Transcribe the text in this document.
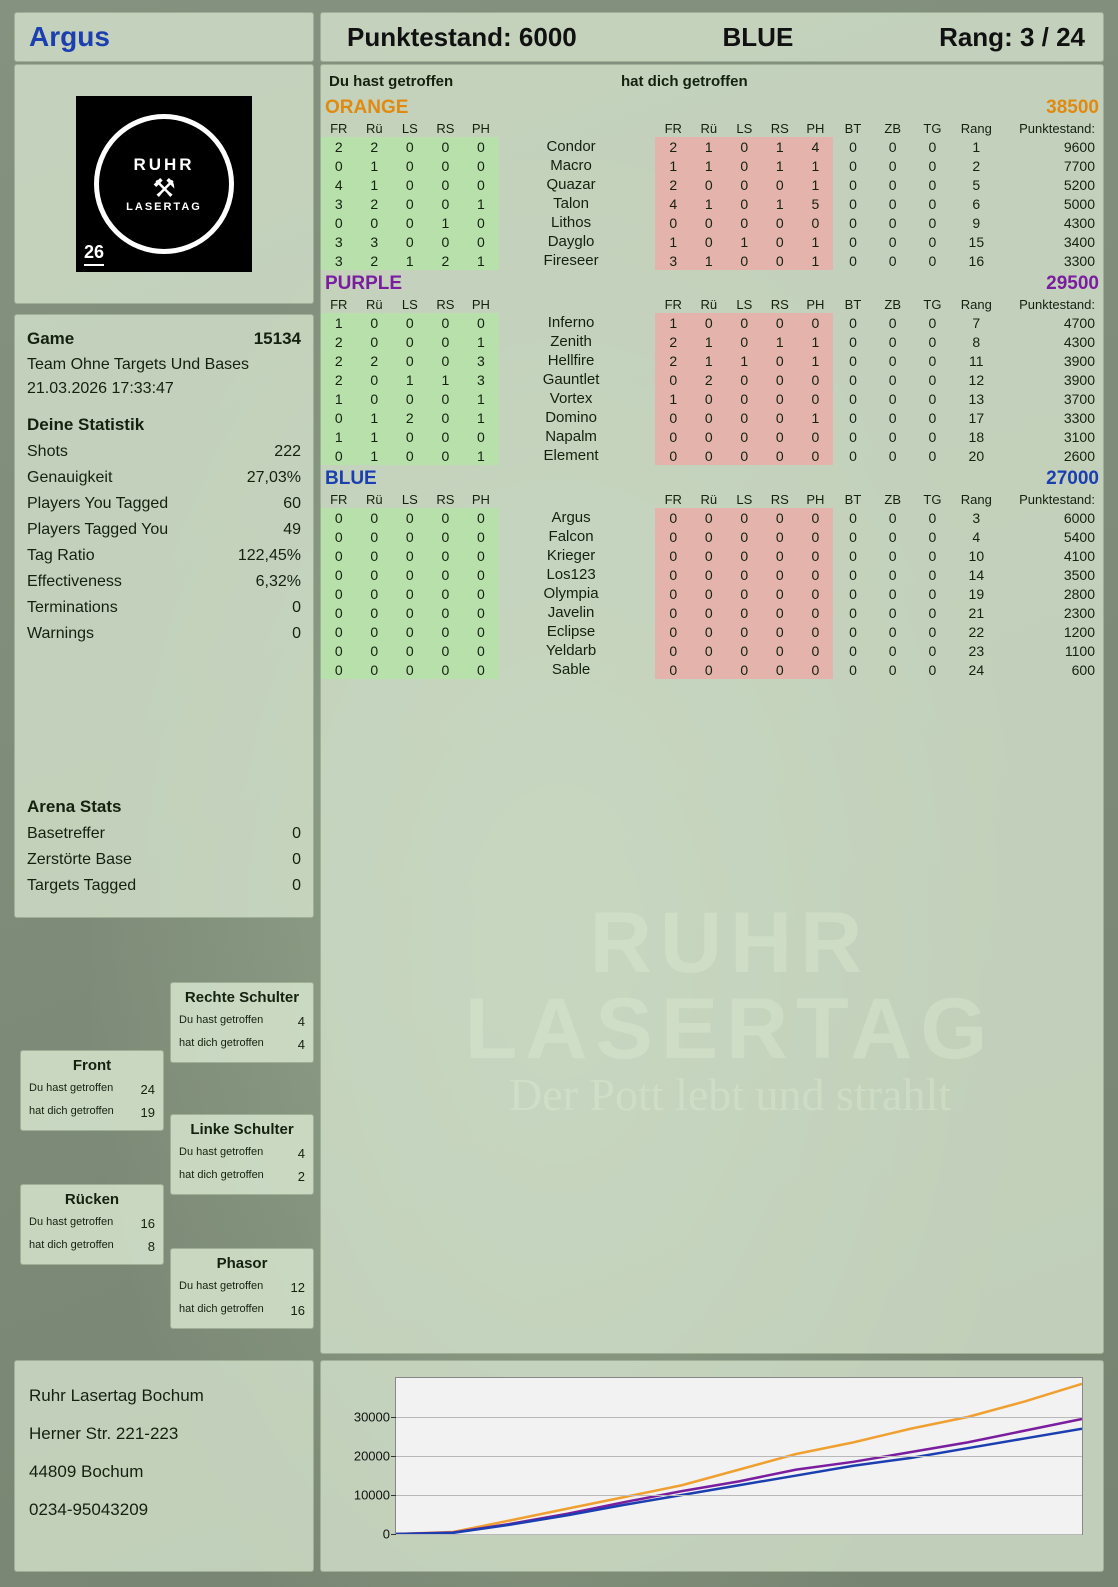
Argus	Punktestand: 6000	BLUE	Rang: 3 / 24
RUHR
⚒
LASERTAG
26
Game	15134
Team Ohne Targets Und Bases
21.03.2026 17:33:47
Deine Statistik
Shots	222
Genauigkeit	27,03%
Players You Tagged	60
Players Tagged You	49
Tag Ratio	122,45%
Effectiveness	6,32%
Terminations	0
Warnings	0
Arena Stats
Basetreffer	0
Zerstörte Base	0
Targets Tagged	0
Rechte Schulter
Du hast getroffen	4
hat dich getroffen	4
Front
Du hast getroffen 24
hat dich getroffen 19
Linke Schulter
Du hast getroffen	4
hat dich getroffen	2
Rücken
Du hast getroffen 16
hat dich getroffen	8
Phasor
Du hast getroffen 12
hat dich getroffen 16
Ruhr Lasertag Bochum
Herner Str. 221-223
44809 Bochum
0234-95043209
Du hast getroffen	hat dich getroffen
ORANGE	38500
FR	Rü	LS	RS	PH		FR	Rü	LS	RS	PH	BT	ZB	TG	Rang	Punktestand:
2	2	0	0	0	Condor	2	1	0	1	4	0	0	0	1	9600
0	1	0	0	0	Macro	1	1	0	1	1	0	0	0	2	7700
4	1	0	0	0	Quazar	2	0	0	0	1	0	0	0	5	5200
3	2	0	0	1	Talon	4	1	0	1	5	0	0	0	6	5000
0	0	0	1	0	Lithos	0	0	0	0	0	0	0	0	9	4300
3	3	0	0	0	Dayglo	1	0	1	0	1	0	0	0	15	3400
3	2	1	2	1	Fireseer	3	1	0	0	1	0	0	0	16	3300
PURPLE	29500
FR	Rü	LS	RS	PH		FR	Rü	LS	RS	PH	BT	ZB	TG	Rang	Punktestand:
1	0	0	0	0	Inferno	1	0	0	0	0	0	0	0	7	4700
2	0	0	0	1	Zenith	2	1	0	1	1	0	0	0	8	4300
2	2	0	0	3	Hellfire	2	1	1	0	1	0	0	0	11	3900
2	0	1	1	3	Gauntlet	0	2	0	0	0	0	0	0	12	3900
1	0	0	0	1	Vortex	1	0	0	0	0	0	0	0	13	3700
0	1	2	0	1	Domino	0	0	0	0	1	0	0	0	17	3300
1	1	0	0	0	Napalm	0	0	0	0	0	0	0	0	18	3100
0	1	0	0	1	Element	0	0	0	0	0	0	0	0	20	2600
BLUE	27000
FR	Rü	LS	RS	PH		FR	Rü	LS	RS	PH	BT	ZB	TG	Rang	Punktestand:
0	0	0	0	0	Argus	0	0	0	0	0	0	0	0	3	6000
0	0	0	0	0	Falcon	0	0	0	0	0	0	0	0	4	5400
0	0	0	0	0	Krieger	0	0	0	0	0	0	0	0	10	4100
0	0	0	0	0	Los123	0	0	0	0	0	0	0	0	14	3500
0	0	0	0	0	Olympia	0	0	0	0	0	0	0	0	19	2800
0	0	0	0	0	Javelin	0	0	0	0	0	0	0	0	21	2300
0	0	0	0	0	Eclipse	0	0	0	0	0	0	0	0	22	1200
0	0	0	0	0	Yeldarb	0	0	0	0	0	0	0	0	23	1100
0	0	0	0	0	Sable	0	0	0	0	0	0	0	0	24	600
0
10000
20000
30000
